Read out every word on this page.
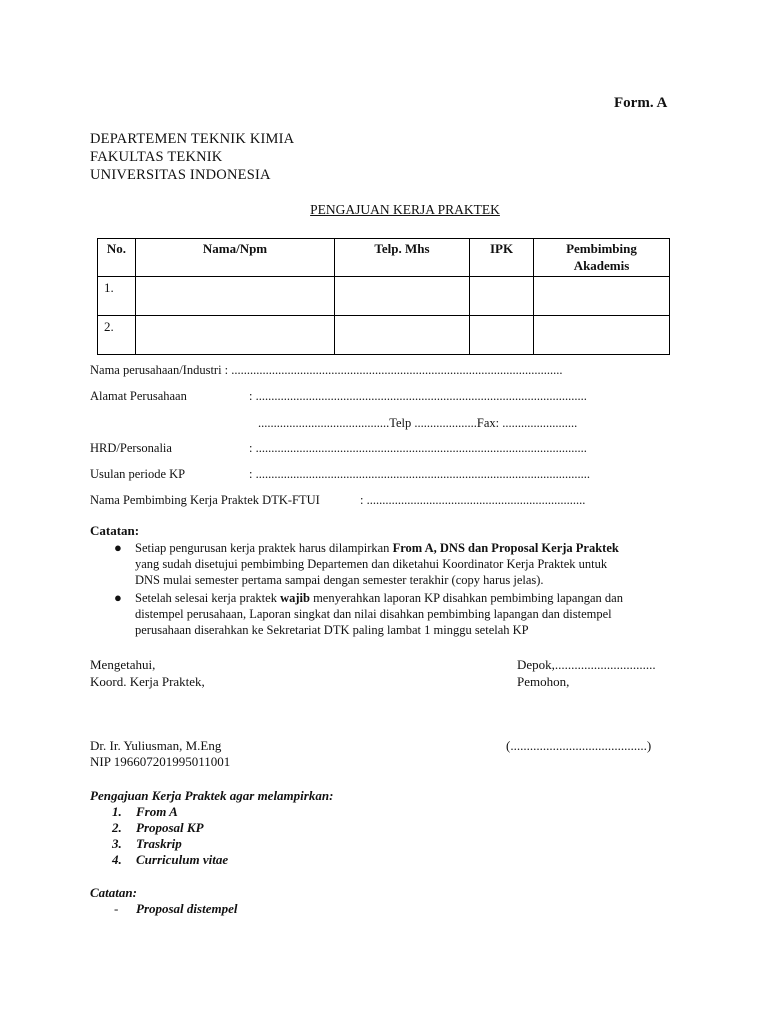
Form. A
DEPARTEMEN TEKNIK KIMIA
FAKULTAS TEKNIK
UNIVERSITAS INDONESIA
PENGAJUAN KERJA PRAKTEK
No.	Nama/Npm	Telp. Mhs	IPK	Pembimbing
Akademis
1.				
2.				
Nama perusahaan/Industri : ..........................................................................................................
Alamat Perusahaan	: ..........................................................................................................
..........................................Telp ....................Fax: ........................
HRD/Personalia	: ..........................................................................................................
Usulan periode KP	: ...........................................................................................................
Nama Pembimbing Kerja Praktek DTK-FTUI	: ......................................................................
Catatan:
● Setiap pengurusan kerja praktek harus dilampirkan From A, DNS dan Proposal Kerja Praktek
yang sudah disetujui pembimbing Departemen dan diketahui Koordinator Kerja Praktek untuk
DNS mulai semester pertama sampai dengan semester terakhir (copy harus jelas).
● Setelah selesai kerja praktek wajib menyerahkan laporan KP disahkan pembimbing lapangan dan
distempel perusahaan, Laporan singkat dan nilai disahkan pembimbing lapangan dan distempel
perusahaan diserahkan ke Sekretariat DTK paling lambat 1 minggu setelah KP
Mengetahui,
Koord. Kerja Praktek,
Depok,...............................
Pemohon,
Dr. Ir. Yuliusman, M.Eng
NIP 196607201995011001
(..........................................)
Pengajuan Kerja Praktek agar melampirkan:
1. From A
2. Proposal KP
3. Traskrip
4. Curriculum vitae
Catatan:
- Proposal distempel
